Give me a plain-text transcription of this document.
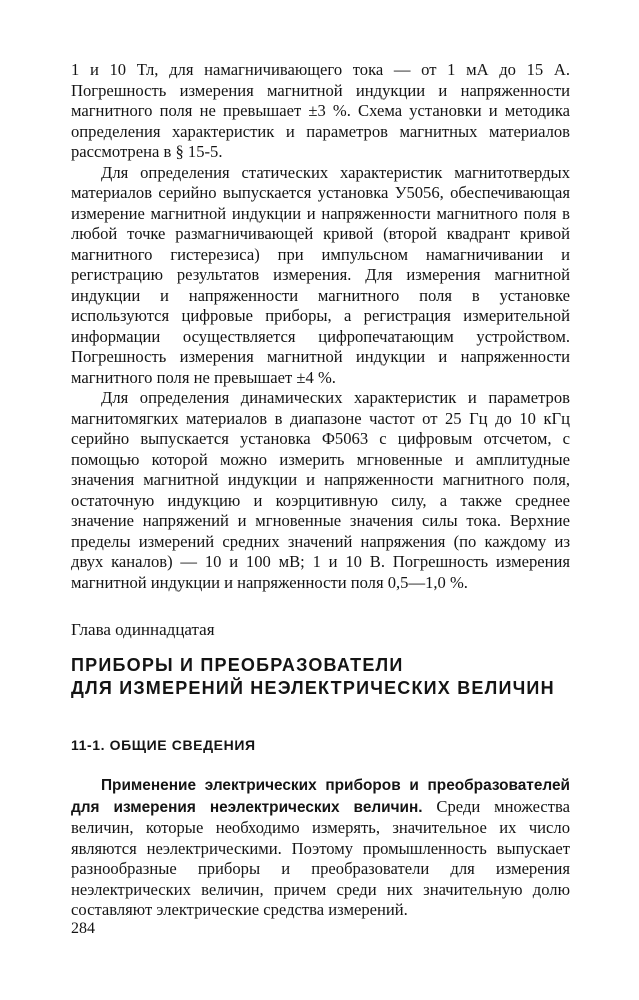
1 и 10 Тл, для намагничивающего тока — от 1 мА до 15 А. Погрешность измерения магнитной индукции и напряженности магнитного поля не превышает ±3 %. Схема установки и методика определения характеристик и параметров магнитных материалов рассмотрена в § 15-5.

Для определения статических характеристик магнитотвердых материалов серийно выпускается установка У5056, обеспечивающая измерение магнитной индукции и напряженности магнитного поля в любой точке размагничивающей кривой (второй квадрант кривой магнитного гистерезиса) при импульсном намагничивании и регистрацию результатов измерения. Для измерения магнитной индукции и напряженности магнитного поля в установке используются цифровые приборы, а регистрация измерительной информации осуществляется цифропечатающим устройством. Погрешность измерения магнитной индукции и напряженности магнитного поля не превышает ±4 %.

Для определения динамических характеристик и параметров магнитомягких материалов в диапазоне частот от 25 Гц до 10 кГц серийно выпускается установка Ф5063 с цифровым отсчетом, с помощью которой можно измерить мгновенные и амплитудные значения магнитной индукции и напряженности магнитного поля, остаточную индукцию и коэрцитивную силу, а также среднее значение напряжений и мгновенные значения силы тока. Верхние пределы измерений средних значений напряжения (по каждому из двух каналов) — 10 и 100 мВ; 1 и 10 В. Погрешность измерения магнитной индукции и напряженности поля 0,5—1,0 %.

Глава одиннадцатая
ПРИБОРЫ И ПРЕОБРАЗОВАТЕЛИ
ДЛЯ ИЗМЕРЕНИЙ НЕЭЛЕКТРИЧЕСКИХ ВЕЛИЧИН
11-1. ОБЩИЕ СВЕДЕНИЯ

Применение электрических приборов и преобразователей для измерения неэлектрических величин. Среди множества величин, которые необходимо измерять, значительное их число являются неэлектрическими. Поэтому промышленность выпускает разнообразные приборы и преобразователи для измерения неэлектрических величин, причем среди них значительную долю составляют электрические средства измерений.

284
